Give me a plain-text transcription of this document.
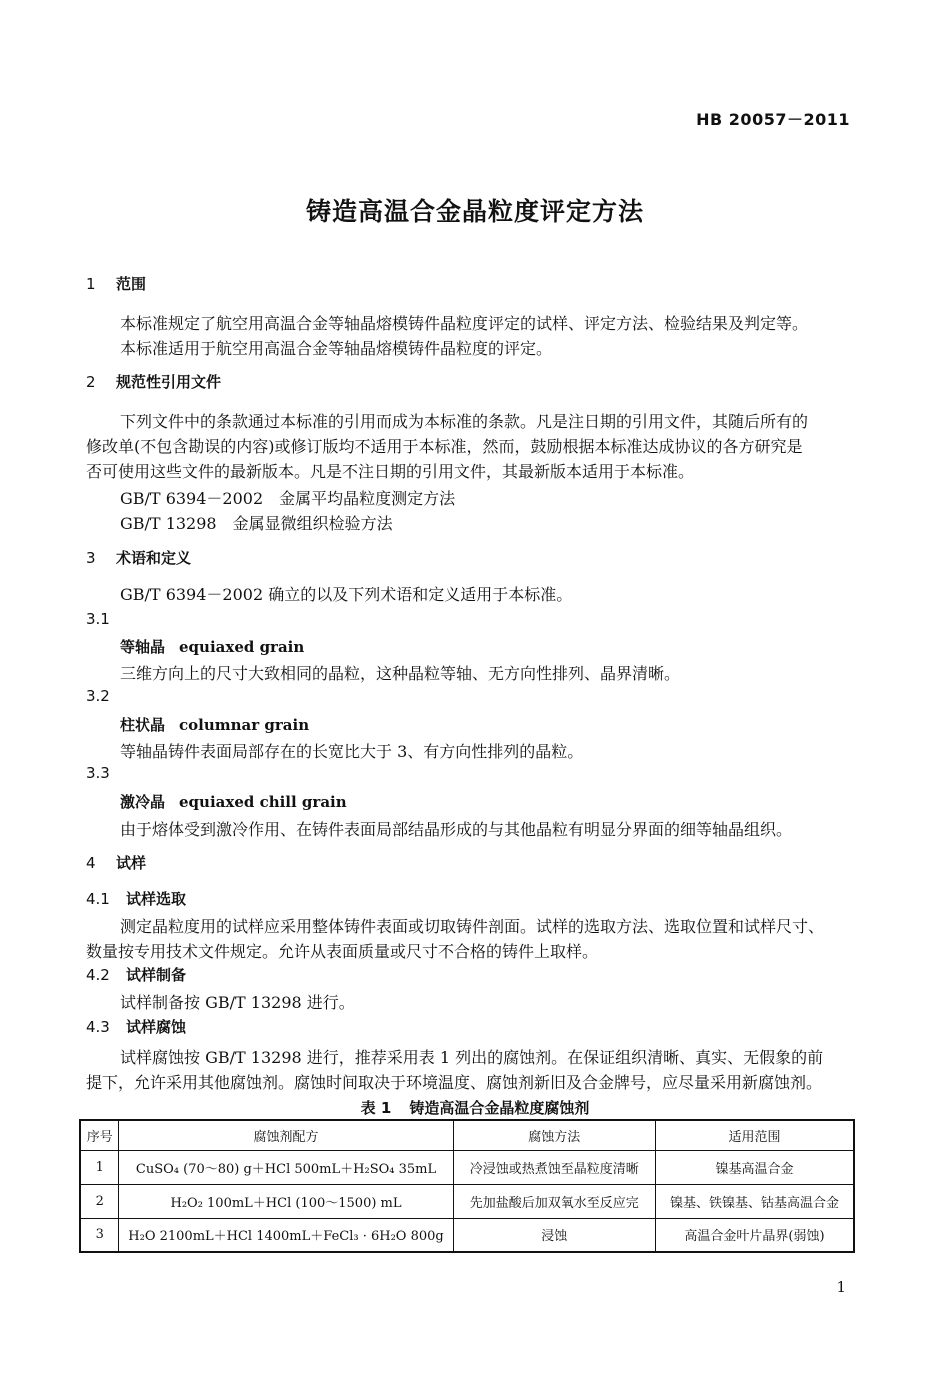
HB 20057－2011
铸造高温合金晶粒度评定方法
1 范围
本标准规定了航空用高温合金等轴晶熔模铸件晶粒度评定的试样、评定方法、检验结果及判定等。
本标准适用于航空用高温合金等轴晶熔模铸件晶粒度的评定。
2 规范性引用文件
下列文件中的条款通过本标准的引用而成为本标准的条款。凡是注日期的引用文件，其随后所有的
修改单(不包含勘误的内容)或修订版均不适用于本标准，然而，鼓励根据本标准达成协议的各方研究是
否可使用这些文件的最新版本。凡是不注日期的引用文件，其最新版本适用于本标准。
GB/T 6394－2002　金属平均晶粒度测定方法
GB/T 13298　金属显微组织检验方法
3 术语和定义
GB/T 6394－2002 确立的以及下列术语和定义适用于本标准。
3.1
等轴晶 equiaxed grain
三维方向上的尺寸大致相同的晶粒，这种晶粒等轴、无方向性排列、晶界清晰。
3.2
柱状晶 columnar grain
等轴晶铸件表面局部存在的长宽比大于 3、有方向性排列的晶粒。
3.3
激冷晶 equiaxed chill grain
由于熔体受到激冷作用、在铸件表面局部结晶形成的与其他晶粒有明显分界面的细等轴晶组织。
4 试样
4.1 试样选取
测定晶粒度用的试样应采用整体铸件表面或切取铸件剖面。试样的选取方法、选取位置和试样尺寸、
数量按专用技术文件规定。允许从表面质量或尺寸不合格的铸件上取样。
4.2 试样制备
试样制备按 GB/T 13298 进行。
4.3 试样腐蚀
试样腐蚀按 GB/T 13298 进行，推荐采用表 1 列出的腐蚀剂。在保证组织清晰、真实、无假象的前
提下，允许采用其他腐蚀剂。腐蚀时间取决于环境温度、腐蚀剂新旧及合金牌号，应尽量采用新腐蚀剂。
表 1 铸造高温合金晶粒度腐蚀剂
序号	腐蚀剂配方	腐蚀方法	适用范围
1	CuSO₄ (70～80) g＋HCl 500mL＋H₂SO₄ 35mL	冷浸蚀或热煮蚀至晶粒度清晰	镍基高温合金
2	H₂O₂ 100mL＋HCl (100～1500) mL	先加盐酸后加双氧水至反应完	镍基、铁镍基、钴基高温合金
3	H₂O 2100mL＋HCl 1400mL＋FeCl₃ · 6H₂O 800g	浸蚀	高温合金叶片晶界(弱蚀)
1
